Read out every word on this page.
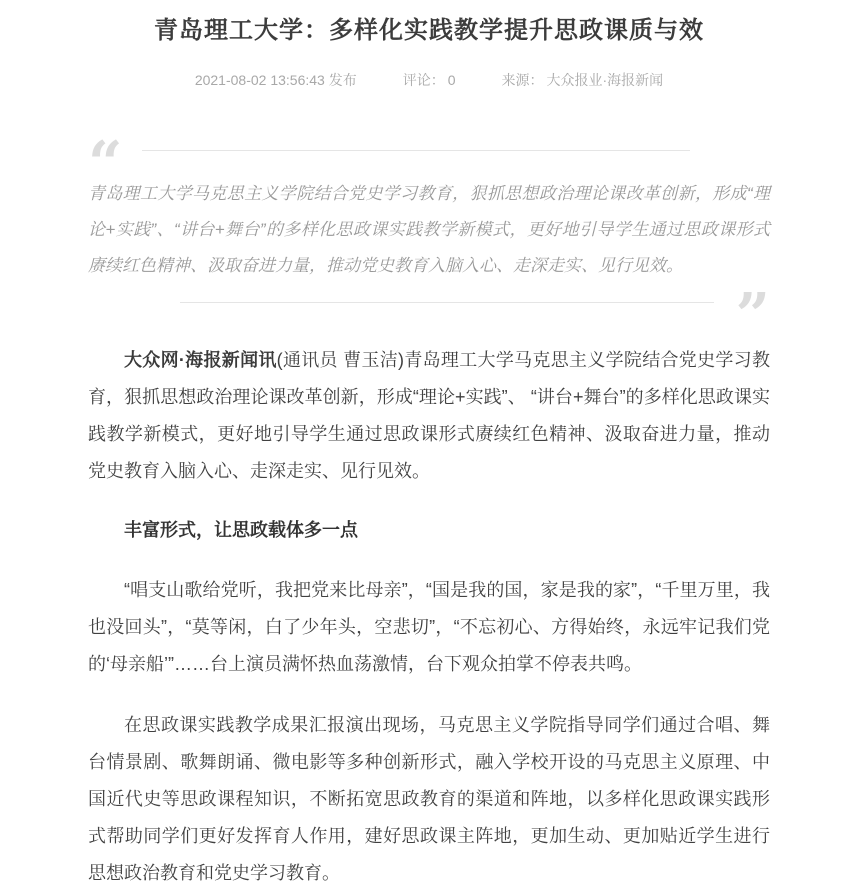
青岛理工大学：多样化实践教学提升思政课质与效
2021-08-02 13:56:43 发布	评论： 0	来源： 大众报业·海报新闻
“

青岛理工大学马克思主义学院结合党史学习教育，狠抓思想政治理论课改革创新，形成“理论+实践”、“讲台+舞台”的多样化思政课实践教学新模式，更好地引导学生通过思政课形式赓续红色精神、汲取奋进力量，推动党史教育入脑入心、走深走实、见行见效。

”

大众网·海报新闻讯(通讯员 曹玉洁)青岛理工大学马克思主义学院结合党史学习教育，狠抓思想政治理论课改革创新，形成“理论+实践”、 “讲台+舞台”的多样化思政课实践教学新模式，更好地引导学生通过思政课形式赓续红色精神、汲取奋进力量，推动党史教育入脑入心、走深走实、见行见效。

丰富形式，让思政载体多一点

“唱支山歌给党听，我把党来比母亲”，“国是我的国，家是我的家”，“千里万里，我也没回头”，“莫等闲，白了少年头，空悲切”，“不忘初心、方得始终，永远牢记我们党的‘母亲船’”……台上演员满怀热血荡激情，台下观众拍掌不停表共鸣。

在思政课实践教学成果汇报演出现场，马克思主义学院指导同学们通过合唱、舞台情景剧、歌舞朗诵、微电影等多种创新形式，融入学校开设的马克思主义原理、中国近代史等思政课程知识，不断拓宽思政教育的渠道和阵地，以多样化思政课实践形式帮助同学们更好发挥育人作用，建好思政课主阵地，更加生动、更加贴近学生进行思想政治教育和党史学习教育。
